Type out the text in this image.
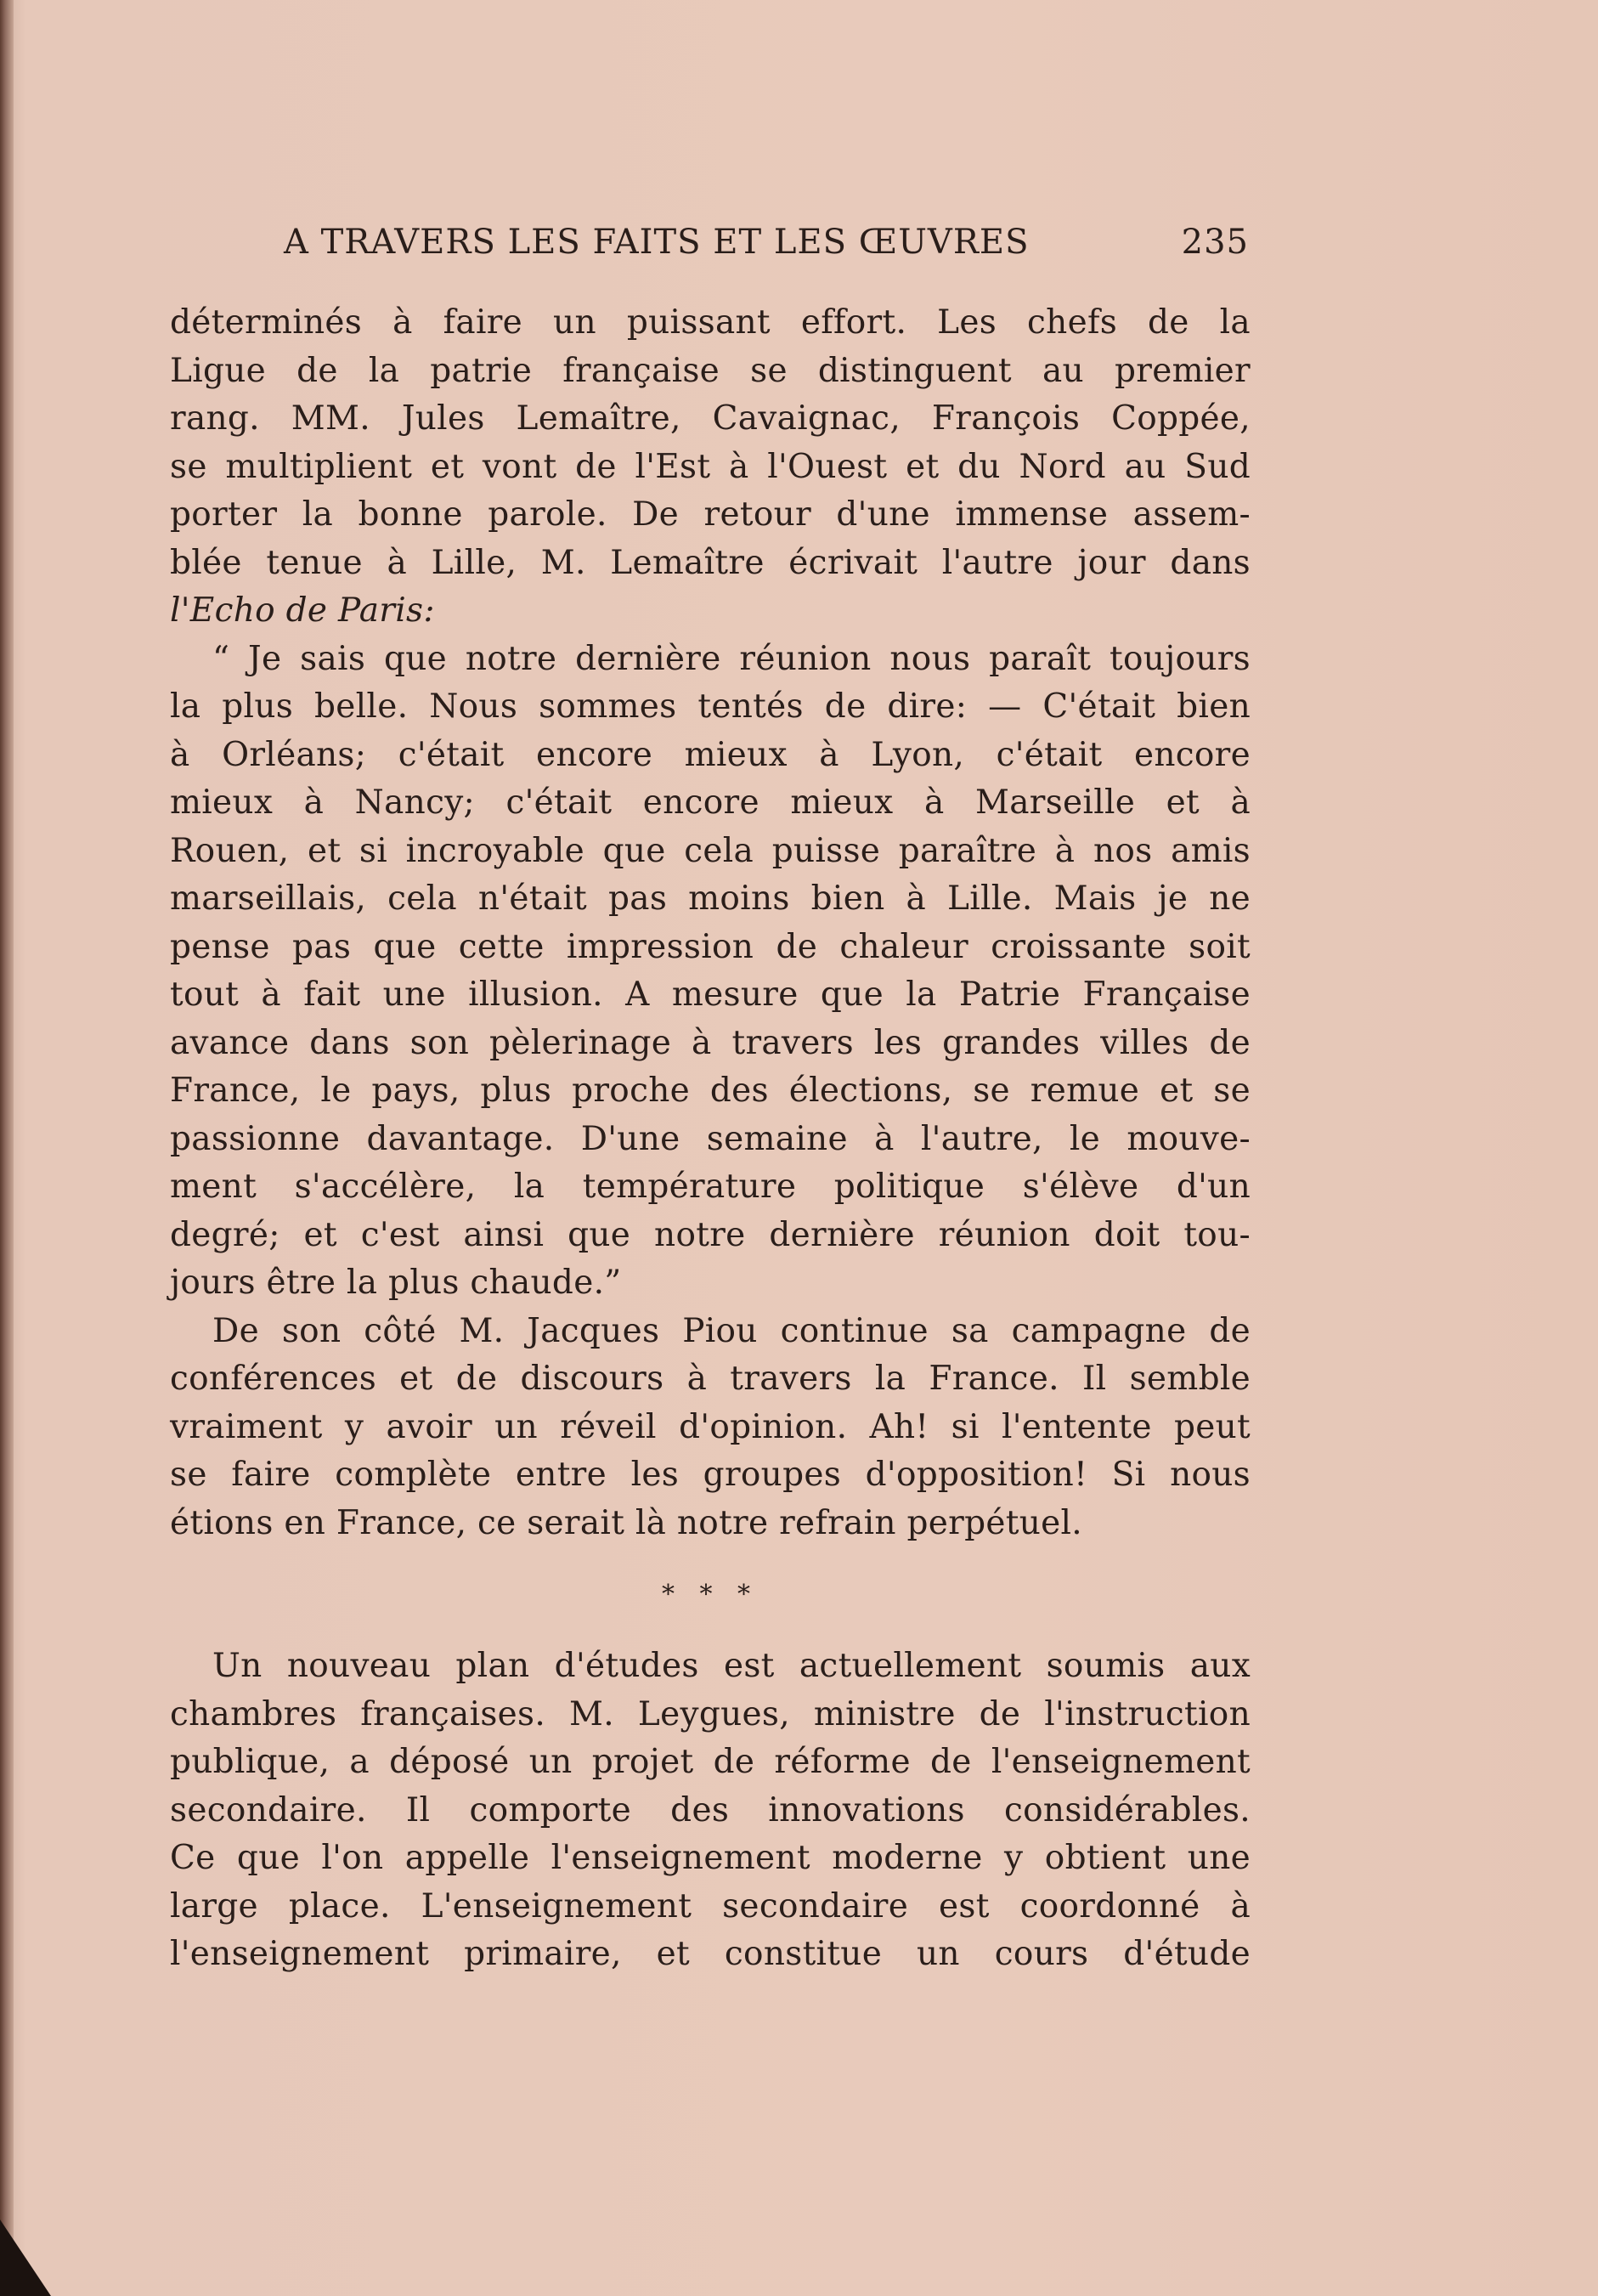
A TRAVERS LES FAITS ET LES ŒUVRES	235
déterminés à faire un puissant effort. Les chefs de la
Ligue de la patrie française se distinguent au premier
rang. MM. Jules Lemaître, Cavaignac, François Coppée,
se multiplient et vont de l'Est à l'Ouest et du Nord au Sud
porter la bonne parole. De retour d'une immense assem-
blée tenue à Lille, M. Lemaître écrivait l'autre jour dans
l'Echo de Paris:
“ Je sais que notre dernière réunion nous paraît toujours
la plus belle. Nous sommes tentés de dire: — C'était bien
à Orléans; c'était encore mieux à Lyon, c'était encore
mieux à Nancy; c'était encore mieux à Marseille et à
Rouen, et si incroyable que cela puisse paraître à nos amis
marseillais, cela n'était pas moins bien à Lille. Mais je ne
pense pas que cette impression de chaleur croissante soit
tout à fait une illusion. A mesure que la Patrie Française
avance dans son pèlerinage à travers les grandes villes de
France, le pays, plus proche des élections, se remue et se
passionne davantage. D'une semaine à l'autre, le mouve-
ment s'accélère, la température politique s'élève d'un
degré; et c'est ainsi que notre dernière réunion doit tou-
jours être la plus chaude.”
De son côté M. Jacques Piou continue sa campagne de
conférences et de discours à travers la France. Il semble
vraiment y avoir un réveil d'opinion. Ah! si l'entente peut
se faire complète entre les groupes d'opposition! Si nous
étions en France, ce serait là notre refrain perpétuel.
* * *
Un nouveau plan d'études est actuellement soumis aux
chambres françaises. M. Leygues, ministre de l'instruction
publique, a déposé un projet de réforme de l'enseignement
secondaire. Il comporte des innovations considérables.
Ce que l'on appelle l'enseignement moderne y obtient une
large place. L'enseignement secondaire est coordonné à
l'enseignement primaire, et constitue un cours d'étude
